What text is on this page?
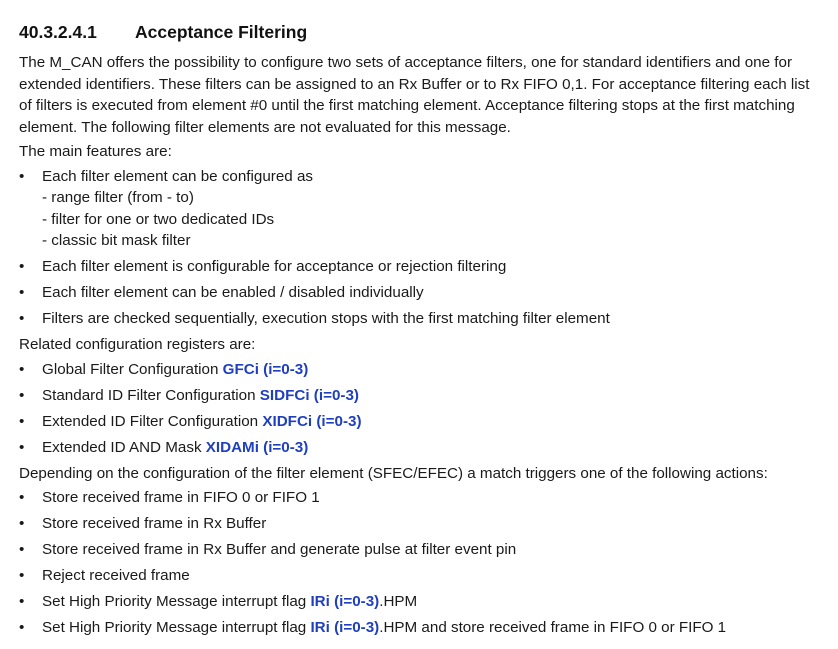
40.3.2.4.1	Acceptance Filtering

The M_CAN offers the possibility to configure two sets of acceptance filters, one for standard identifiers and one for extended identifiers. These filters can be assigned to an Rx Buffer or to Rx FIFO 0,1. For acceptance filtering each list of filters is executed from element #0 until the first matching element. Acceptance filtering stops at the first matching element. The following filter elements are not evaluated for this message.

The main features are:

•	Each filter element can be configured as
- range filter (from - to)
- filter for one or two dedicated IDs
- classic bit mask filter
•	Each filter element is configurable for acceptance or rejection filtering
•	Each filter element can be enabled / disabled individually
•	Filters are checked sequentially, execution stops with the first matching filter element

Related configuration registers are:

•	Global Filter Configuration GFCi (i=0-3)
•	Standard ID Filter Configuration SIDFCi (i=0-3)
•	Extended ID Filter Configuration XIDFCi (i=0-3)
•	Extended ID AND Mask XIDAMi (i=0-3)

Depending on the configuration of the filter element (SFEC/EFEC) a match triggers one of the following actions:

•	Store received frame in FIFO 0 or FIFO 1
•	Store received frame in Rx Buffer
•	Store received frame in Rx Buffer and generate pulse at filter event pin
•	Reject received frame
•	Set High Priority Message interrupt flag IRi (i=0-3).HPM
•	Set High Priority Message interrupt flag IRi (i=0-3).HPM and store received frame in FIFO 0 or FIFO 1
